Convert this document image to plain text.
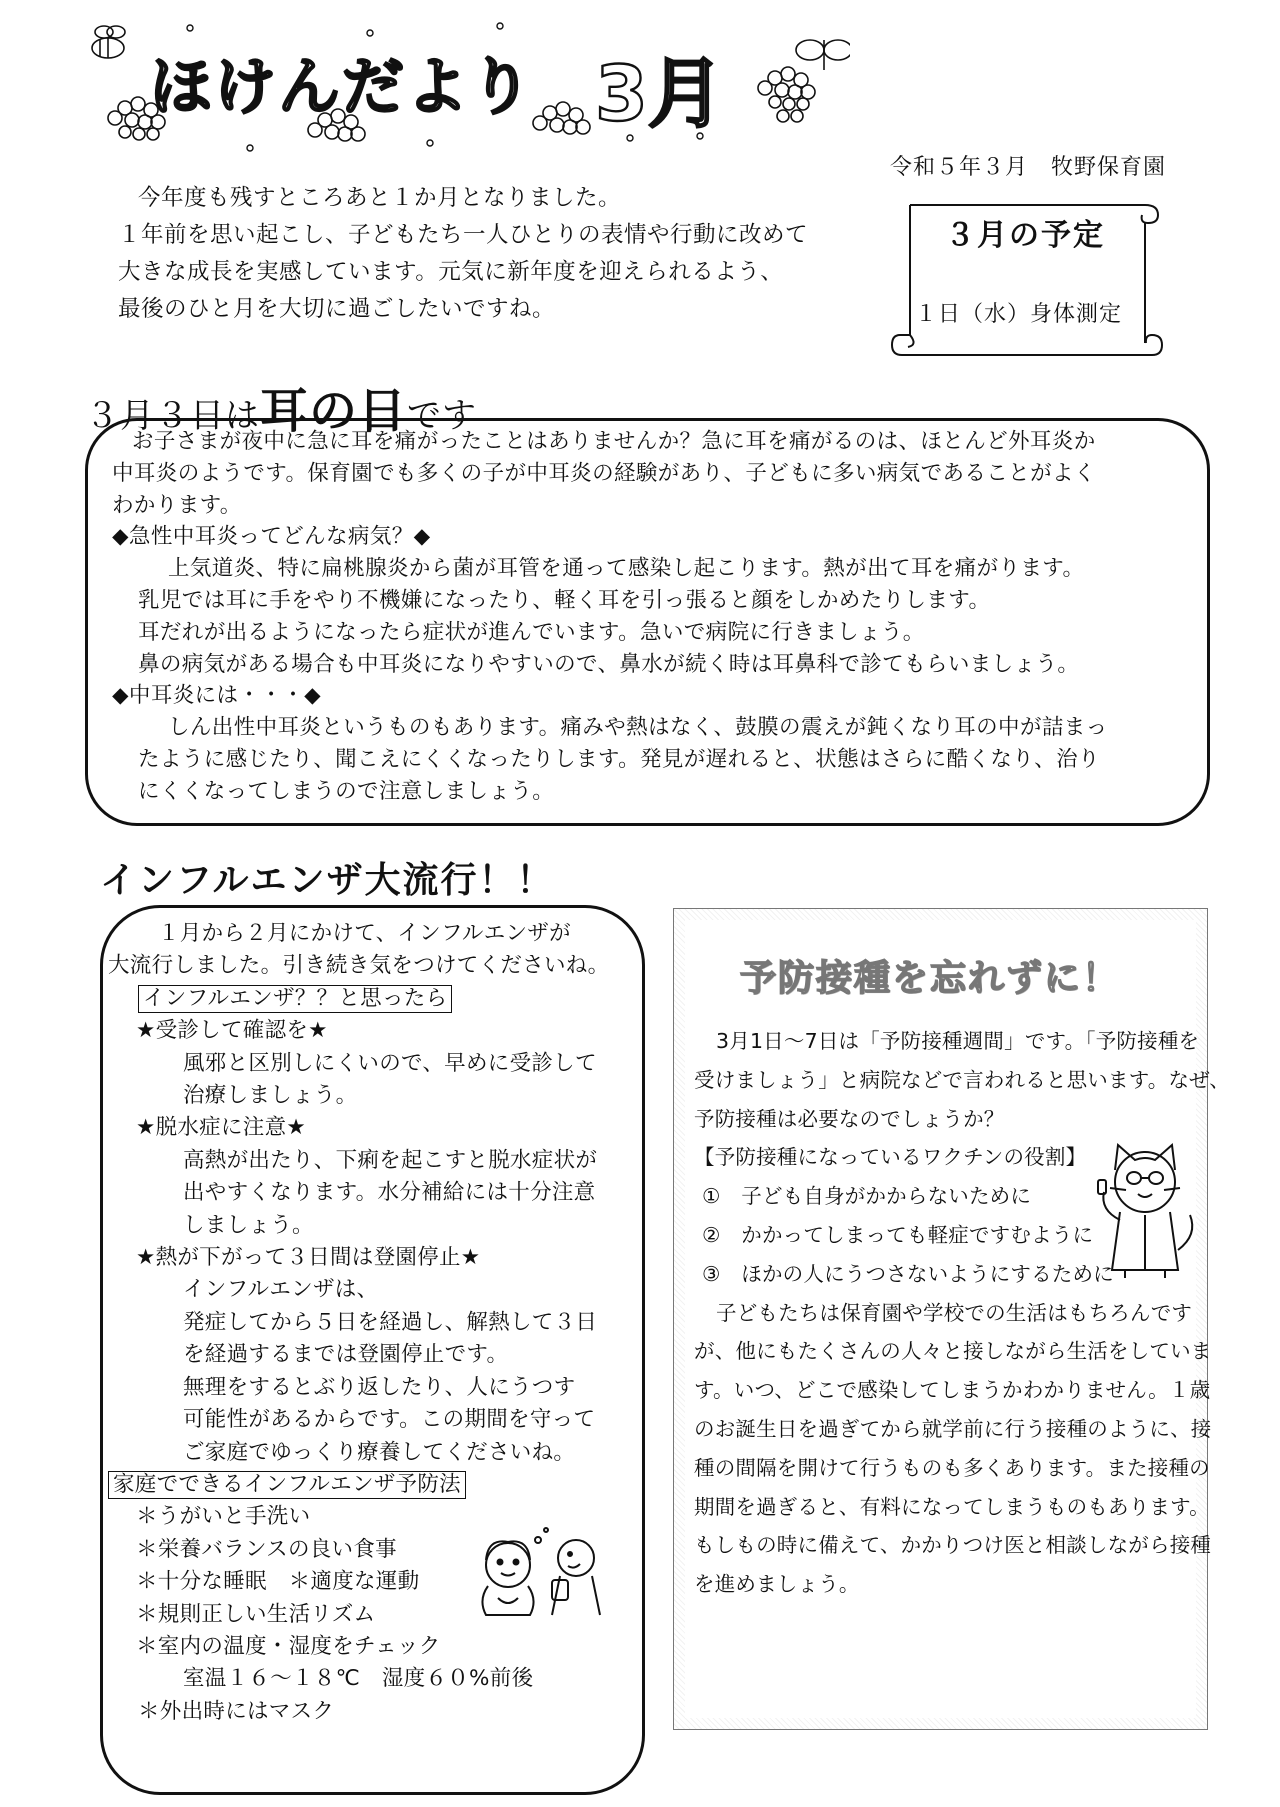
ほけんだより 3月
令和５年３月　牧野保育園

今年度も残すところあと１か月となりました。

１年前を思い起こし、子どもたち一人ひとりの表情や行動に改めて

大きな成長を実感しています。元気に新年度を迎えられるよう、

最後のひと月を大切に過ごしたいですね。

３月の予定
１日（水）身体測定
３月３日は耳の日です
お子さまが夜中に急に耳を痛がったことはありませんか？急に耳を痛がるのは、ほとんど外耳炎か
中耳炎のようです。保育園でも多くの子が中耳炎の経験があり、子どもに多い病気であることがよく
わかります。
◆急性中耳炎ってどんな病気？◆
上気道炎、特に扁桃腺炎から菌が耳管を通って感染し起こります。熱が出て耳を痛がります。
乳児では耳に手をやり不機嫌になったり、軽く耳を引っ張ると顔をしかめたりします。
耳だれが出るようになったら症状が進んでいます。急いで病院に行きましょう。
鼻の病気がある場合も中耳炎になりやすいので、鼻水が続く時は耳鼻科で診てもらいましょう。
◆中耳炎には・・・◆
しん出性中耳炎というものもあります。痛みや熱はなく、鼓膜の震えが鈍くなり耳の中が詰まっ
たように感じたり、聞こえにくくなったりします。発見が遅れると、状態はさらに酷くなり、治り
にくくなってしまうので注意しましょう。
インフルエンザ大流行！！
１月から２月にかけて、インフルエンザが
大流行しました。引き続き気をつけてくださいね。
インフルエンザ？？と思ったら
★受診して確認を★
風邪と区別しにくいので、早めに受診して
治療しましょう。
★脱水症に注意★
高熱が出たり、下痢を起こすと脱水症状が
出やすくなります。水分補給には十分注意
しましょう。
★熱が下がって３日間は登園停止★
インフルエンザは、
発症してから５日を経過し、解熱して３日
を経過するまでは登園停止です。
無理をするとぶり返したり、人にうつす
可能性があるからです。この期間を守って
ご家庭でゆっくり療養してくださいね。
家庭でできるインフルエンザ予防法
＊うがいと手洗い
＊栄養バランスの良い食事
＊十分な睡眠　＊適度な運動
＊規則正しい生活リズム
＊室内の温度・湿度をチェック
室温１６～１８℃　湿度６０%前後
＊外出時にはマスク
予防接種を忘れずに！
3月1日～7日は「予防接種週間」です。「予防接種を
受けましょう」と病院などで言われると思います。なぜ、
予防接種は必要なのでしょうか？
【予防接種になっているワクチンの役割】
①　子ども自身がかからないために
②　かかってしまっても軽症ですむように
③　ほかの人にうつさないようにするために
子どもたちは保育園や学校での生活はもちろんです
が、他にもたくさんの人々と接しながら生活をしていま
す。いつ、どこで感染してしまうかわかりません。１歳
のお誕生日を過ぎてから就学前に行う接種のように、接
種の間隔を開けて行うものも多くあります。また接種の
期間を過ぎると、有料になってしまうものもあります。
もしもの時に備えて、かかりつけ医と相談しながら接種
を進めましょう。
